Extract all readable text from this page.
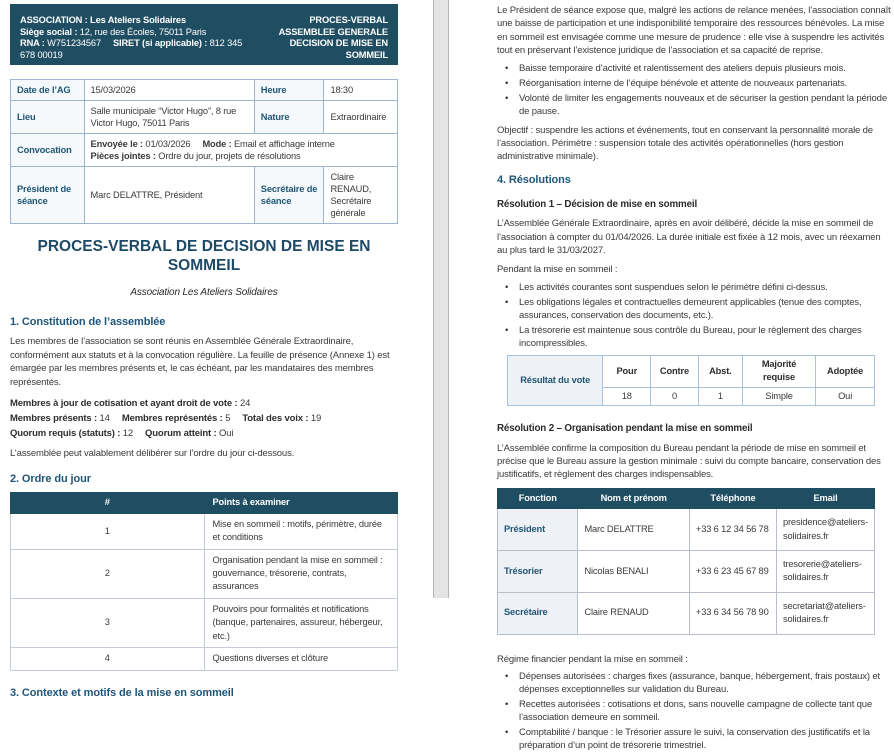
ASSOCIATION : Les Ateliers Solidaires
Siège social : 12, rue des Écoles, 75011 Paris
RNA : W751234567 SIRET (si applicable) : 812 345 678 00019
PROCES-VERBAL
ASSEMBLEE GENERALE
DECISION DE MISE EN SOMMEIL
Date de l’AG	15/03/2026	Heure	18:30
Lieu	Salle municipale “Victor Hugo”, 8 rue Victor Hugo, 75011 Paris	Nature	Extraordinaire
Convocation	Envoyée le : 01/03/2026 Mode : Email et affichage interne
Pièces jointes : Ordre du jour, projets de résolutions		

Président de séance	Marc DELATTRE, Président	Secrétaire de séance	Claire RENAUD, Secrétaire générale
PROCES-VERBAL DE DECISION DE MISE EN SOMMEIL
Association Les Ateliers Solidaires
1. Constitution de l’assemblée
Les membres de l’association se sont réunis en Assemblée Générale Extraordinaire, conformément aux statuts et à la convocation régulière. La feuille de présence (Annexe 1) est émargée par les membres présents et, le cas échéant, par les mandataires des membres représentés.
Membres à jour de cotisation et ayant droit de vote : 24
Membres présents : 14 Membres représentés : 5 Total des voix : 19
Quorum requis (statuts) : 12 Quorum atteint : Oui
L’assemblée peut valablement délibérer sur l’ordre du jour ci-dessous.
2. Ordre du jour
#	Points à examiner
1	Mise en sommeil : motifs, périmètre, durée et conditions
2	Organisation pendant la mise en sommeil : gouvernance, trésorerie, contrats, assurances
3	Pouvoirs pour formalités et notifications (banque, partenaires, assureur, hébergeur, etc.)
4	Questions diverses et clôture
3. Contexte et motifs de la mise en sommeil
Le Président de séance expose que, malgré les actions de relance menées, l’association connaît une baisse de participation et une indisponibilité temporaire des ressources bénévoles. La mise en sommeil est envisagée comme une mesure de prudence : elle vise à suspendre les activités tout en préservant l’existence juridique de l’association et sa capacité de reprise.
• Baisse temporaire d’activité et ralentissement des ateliers depuis plusieurs mois.
• Réorganisation interne de l’équipe bénévole et attente de nouveaux partenariats.
• Volonté de limiter les engagements nouveaux et de sécuriser la gestion pendant la période de pause.
Objectif : suspendre les actions et événements, tout en conservant la personnalité morale de l’association. Périmètre : suspension totale des activités opérationnelles (hors gestion administrative minimale).
4. Résolutions
Résolution 1 – Décision de mise en sommeil
L’Assemblée Générale Extraordinaire, après en avoir délibéré, décide la mise en sommeil de l’association à compter du 01/04/2026. La durée initiale est fixée à 12 mois, avec un réexamen au plus tard le 31/03/2027.
Pendant la mise en sommeil :
• Les activités courantes sont suspendues selon le périmètre défini ci-dessus.
• Les obligations légales et contractuelles demeurent applicables (tenue des comptes, assurances, conservation des documents, etc.).
• La trésorerie est maintenue sous contrôle du Bureau, pour le règlement des charges incompressibles.
Résultat du vote	Pour	Contre	Abst.	Majorité requise	Adoptée
	18	0	1	Simple	Oui
Résolution 2 – Organisation pendant la mise en sommeil
L’Assemblée confirme la composition du Bureau pendant la période de mise en sommeil et précise que le Bureau assure la gestion minimale : suivi du compte bancaire, conservation des justificatifs, et règlement des charges indispensables.
Fonction	Nom et prénom	Téléphone	Email
Président	Marc DELATTRE	+33 6 12 34 56 78	presidence@ateliers-solidaires.fr
Trésorier	Nicolas BENALI	+33 6 23 45 67 89	tresorerie@ateliers-solidaires.fr
Secrétaire	Claire RENAUD	+33 6 34 56 78 90	secretariat@ateliers-solidaires.fr
Régime financier pendant la mise en sommeil :
• Dépenses autorisées : charges fixes (assurance, banque, hébergement, frais postaux) et dépenses exceptionnelles sur validation du Bureau.
• Recettes autorisées : cotisations et dons, sans nouvelle campagne de collecte tant que l’association demeure en sommeil.
• Comptabilité / banque : le Trésorier assure le suivi, la conservation des justificatifs et la préparation d’un point de trésorerie trimestriel.
